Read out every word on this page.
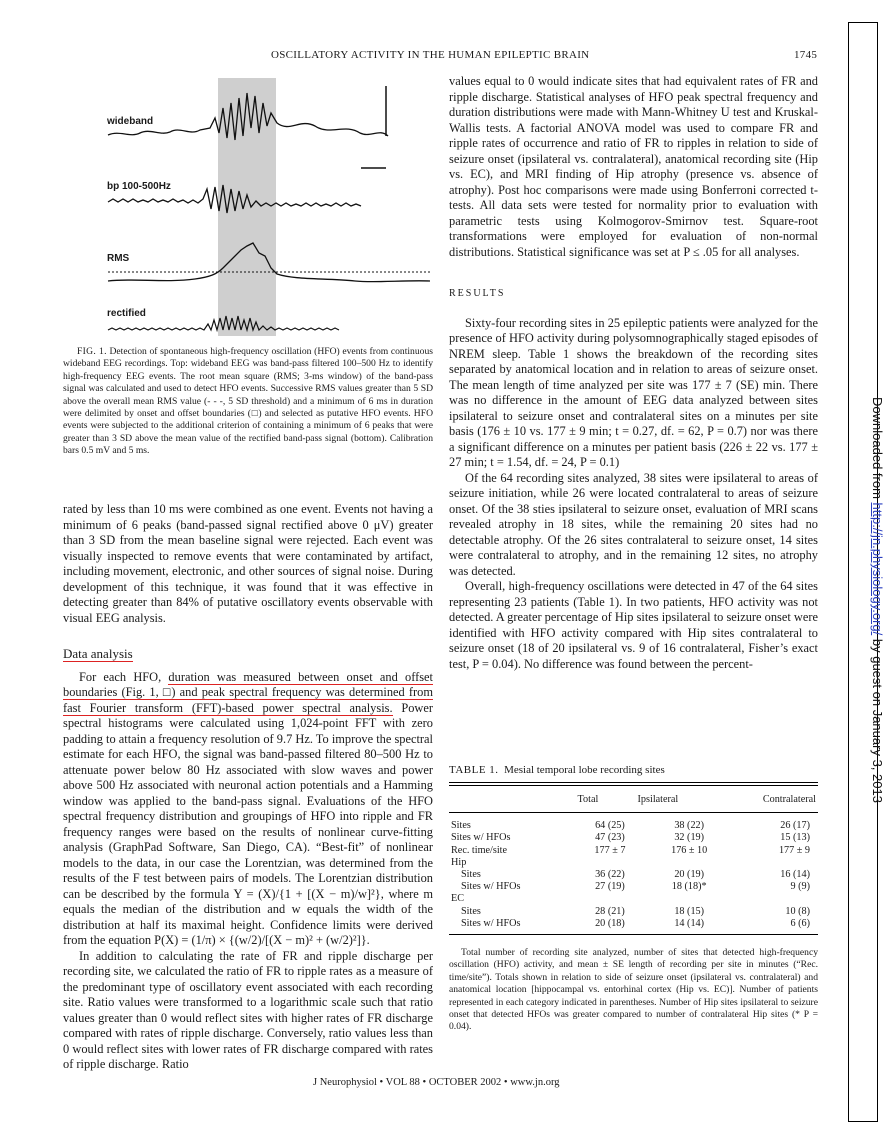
OSCILLATORY ACTIVITY IN THE HUMAN EPILEPTIC BRAIN	1745
wideband
bp 100-500Hz
RMS
rectified
FIG. 1. Detection of spontaneous high-frequency oscillation (HFO) events from continuous wideband EEG recordings. Top: wideband EEG was band-pass filtered 100–500 Hz to identify high-frequency EEG events. The root mean square (RMS; 3-ms window) of the band-pass signal was calculated and used to detect HFO events. Successive RMS values greater than 5 SD above the overall mean RMS value (- - -, 5 SD threshold) and a minimum of 6 ms in duration were delimited by onset and offset boundaries (□) and selected as putative HFO events. HFO events were subjected to the additional criterion of containing a minimum of 6 peaks that were greater than 3 SD above the mean value of the rectified band-pass signal (bottom). Calibration bars 0.5 mV and 5 ms.

rated by less than 10 ms were combined as one event. Events not having a minimum of 6 peaks (band-passed signal rectified above 0 μV) greater than 3 SD from the mean baseline signal were rejected. Each event was visually inspected to remove events that were contaminated by artifact, including movement, electronic, and other sources of signal noise. During development of this technique, it was found that it was effective in detecting greater than 84% of putative oscillatory events observable with visual EEG analysis.

Data analysis

For each HFO, duration was measured between onset and offset boundaries (Fig. 1, □) and peak spectral frequency was determined from fast Fourier transform (FFT)-based power spectral analysis. Power spectral histograms were calculated using 1,024-point FFT with zero padding to attain a frequency resolution of 9.7 Hz. To improve the spectral estimate for each HFO, the signal was band-passed filtered 80–500 Hz to attenuate power below 80 Hz associated with slow waves and power above 500 Hz associated with neuronal action potentials and a Hamming window was applied to the band-pass signal. Evaluations of the HFO spectral frequency distribution and groupings of HFO into ripple and FR frequency ranges were based on the results of nonlinear curve-fitting analysis (GraphPad Software, San Diego, CA). “Best-fit” of nonlinear models to the data, in our case the Lorentzian, was determined from the results of the F test between pairs of models. The Lorentzian distribution can be described by the formula Y = (X)/{1 + [(X − m)/w]²}, where m equals the median of the distribution and w equals the width of the distribution at half its maximal height. Confidence limits were derived from the equation P(X) = (1/π) × {(w/2)/[(X − m)² + (w/2)²]}.

In addition to calculating the rate of FR and ripple discharge per recording site, we calculated the ratio of FR to ripple rates as a measure of the predominant type of oscillatory event associated with each recording site. Ratio values were transformed to a logarithmic scale such that ratio values greater than 0 would reflect sites with higher rates of FR discharge compared with rates of ripple discharge. Conversely, ratio values less than 0 would reflect sites with lower rates of FR discharge compared with rates of ripple discharge. Ratio

values equal to 0 would indicate sites that had equivalent rates of FR and ripple discharge. Statistical analyses of HFO peak spectral frequency and duration distributions were made with Mann-Whitney U test and Kruskal-Wallis tests. A factorial ANOVA model was used to compare FR and ripple rates of occurrence and ratio of FR to ripples in relation to side of seizure onset (ipsilateral vs. contralateral), anatomical recording site (Hip vs. EC), and MRI finding of Hip atrophy (presence vs. absence of atrophy). Post hoc comparisons were made using Bonferroni corrected t-tests. All data sets were tested for normality prior to evaluation with parametric tests using Kolmogorov-Smirnov test. Square-root transformations were employed for evaluation of non-normal distributions. Statistical significance was set at P ≤ .05 for all analyses.

RESULTS

Sixty-four recording sites in 25 epileptic patients were analyzed for the presence of HFO activity during polysomnographically staged episodes of NREM sleep. Table 1 shows the breakdown of the recording sites separated by anatomical location and in relation to areas of seizure onset. The mean length of time analyzed per site was 177 ± 7 (SE) min. There was no difference in the amount of EEG data analyzed between sites ipsilateral to seizure onset and contralateral sites on a minutes per site basis (176 ± 10 vs. 177 ± 9 min; t = 0.27, df. = 62, P = 0.7) nor was there a significant difference on a minutes per patient basis (226 ± 22 vs. 177 ± 27 min; t = 1.54, df. = 24, P = 0.1)

Of the 64 recording sites analyzed, 38 sites were ipsilateral to areas of seizure initiation, while 26 were located contralateral to areas of seizure onset. Of the 38 sties ipsilateral to seizure onset, evaluation of MRI scans revealed atrophy in 18 sites, while the remaining 20 sites had no detectable atrophy. Of the 26 sites contralateral to seizure onset, 14 sites were contralateral to atrophy, and in the remaining 12 sites, no atrophy was detected.

Overall, high-frequency oscillations were detected in 47 of the 64 sites representing 23 patients (Table 1). In two patients, HFO activity was not detected. A greater percentage of Hip sites ipsilateral to seizure onset were identified with HFO activity compared with Hip sites contralateral to seizure onset (18 of 20 ipsilateral vs. 9 of 16 contralateral, Fisher’s exact test, P = 0.04). No difference was found between the percent-

TABLE 1. Mesial temporal lobe recording sites
	Total	Ipsilateral	Contralateral
Sites	64 (25)	38 (22)	26 (17)
Sites w/ HFOs	47 (23)	32 (19)	15 (13)
Rec. time/site	177 ± 7	176 ± 10	177 ± 9
Hip			
Sites	36 (22)	20 (19)	16 (14)
Sites w/ HFOs	27 (19)	18 (18)*	9 (9)
EC			
Sites	28 (21)	18 (15)	10 (8)
Sites w/ HFOs	20 (18)	14 (14)	6 (6)
Total number of recording site analyzed, number of sites that detected high-frequency oscillation (HFO) activity, and mean ± SE length of recording per site in minutes (“Rec. time/site”). Totals shown in relation to side of seizure onset (ipsilateral vs. contralateral) and anatomical location [hippocampal vs. entorhinal cortex (Hip vs. EC)]. Number of patients represented in each category indicated in parentheses. Number of Hip sites ipsilateral to seizure onset that detected HFOs was greater compared to number of contralateral Hip sites (* P = 0.04).
J Neurophysiol • VOL 88 • OCTOBER 2002 • www.jn.org
Downloaded from http://jn.physiology.org/ by guest on January 3, 2013
